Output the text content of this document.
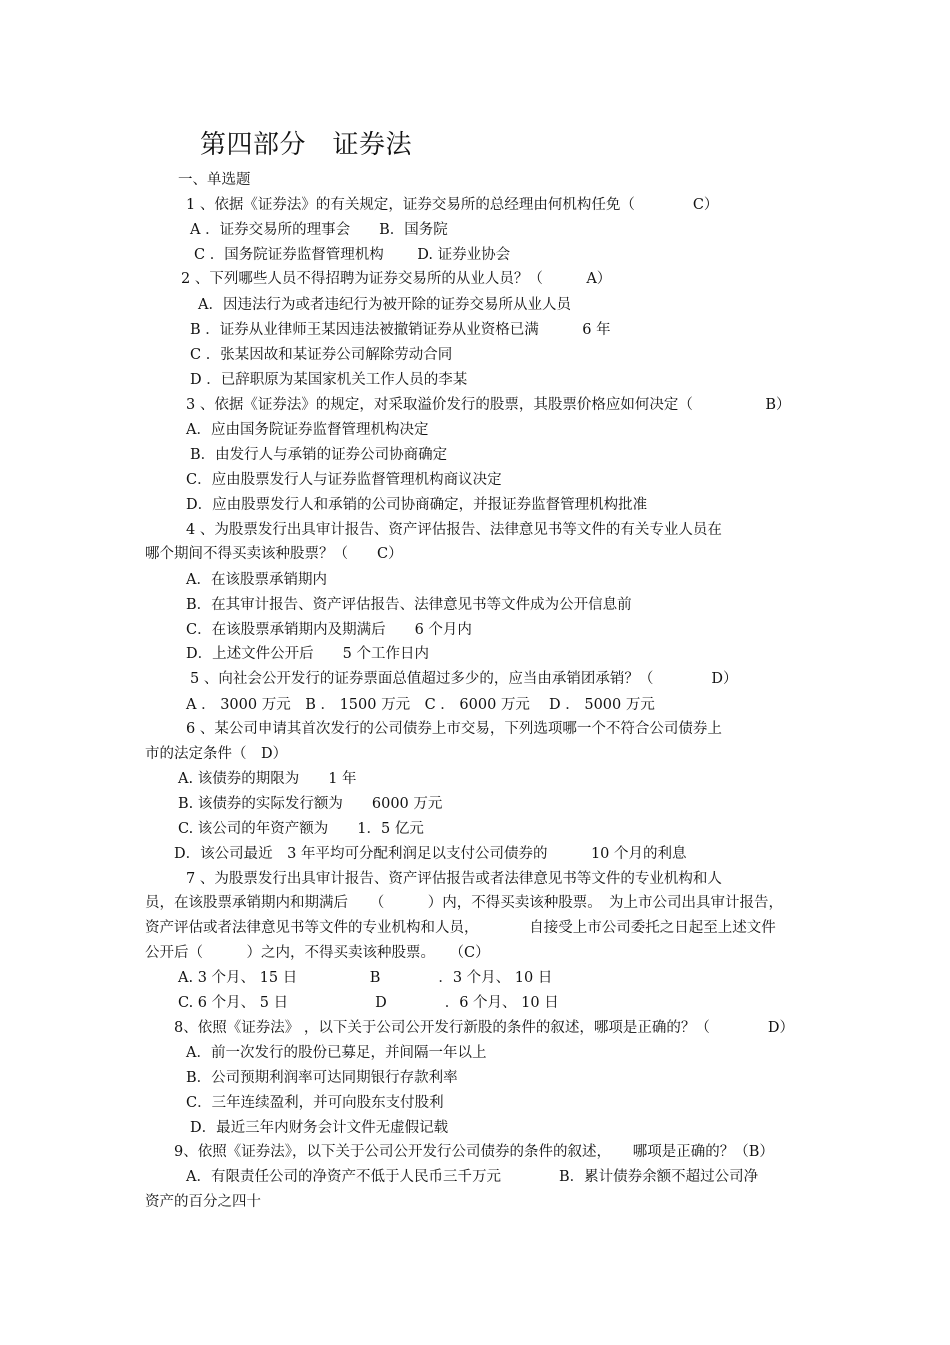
第四部分　证券法
一、单选题
1 、依据《证券法》的有关规定，证券交易所的总经理由何机构任免（　　　　C）
A ．证券交易所的理事会　　B．国务院
C ．国务院证券监督管理机构　　 D. 证券业协会
2 、下列哪些人员不得招聘为证券交易所的从业人员？（　　　A）
A．因违法行为或者违纪行为被开除的证券交易所从业人员
B ．证券从业律师王某因违法被撤销证券从业资格已满　　　6 年
C ．张某因故和某证券公司解除劳动合同
D ．已辞职原为某国家机关工作人员的李某
3 、依据《证券法》的规定，对采取溢价发行的股票，其股票价格应如何决定（　　　　　B）
A．应由国务院证券监督管理机构决定
B．由发行人与承销的证券公司协商确定
C．应由股票发行人与证券监督管理机构商议决定
D．应由股票发行人和承销的公司协商确定，并报证券监督管理机构批准
4 、为股票发行出具审计报告、资产评估报告、法律意见书等文件的有关专业人员在
哪个期间不得买卖该种股票？（　　C）
A．在该股票承销期内
B．在其审计报告、资产评估报告、法律意见书等文件成为公开信息前
C．在该股票承销期内及期满后　　6 个月内
D．上述文件公开后　　5 个工作日内
5 、向社会公开发行的证券票面总值超过多少的，应当由承销团承销？（　　　　D）
A ． 3000 万元　B ． 1500 万元　C ． 6000 万元　 D ． 5000 万元
6 、某公司申请其首次发行的公司债券上市交易，下列选项哪一个不符合公司债券上
市的法定条件（　D）
A. 该债券的期限为　　1 年
B. 该债券的实际发行额为　　6000 万元
C. 该公司的年资产额为　　1．5 亿元
D．该公司最近　3 年平均可分配利润足以支付公司债券的　　　10 个月的利息
7 、为股票发行出具审计报告、资产评估报告或者法律意见书等文件的专业机构和人
员，在该股票承销期内和期满后　　（　　　）内，不得买卖该种股票。　为上市公司出具审计报告，
资产评估或者法律意见书等文件的专业机构和人员，　　　　自接受上市公司委托之日起至上述文件
公开后（　　　）之内，不得买卖该种股票。　　（C）
A. 3 个月、 15 日　　　　　B　　　　．3 个月、 10 日
C. 6 个月、 5 日　　　　　　D　　　　．6 个月、 10 日
8、依照《证券法》 ，以下关于公司公开发行新股的条件的叙述，哪项是正确的？（　　　　D）
A．前一次发行的股份已募足，并间隔一年以上
B．公司预期利润率可达同期银行存款利率
C．三年连续盈利，并可向股东支付股利
D．最近三年内财务会计文件无虚假记载
9、依照《证券法》，以下关于公司公开发行公司债券的条件的叙述，　　哪项是正确的？（B）
A．有限责任公司的净资产不低于人民币三千万元　　　　B．累计债券余额不超过公司净
资产的百分之四十
